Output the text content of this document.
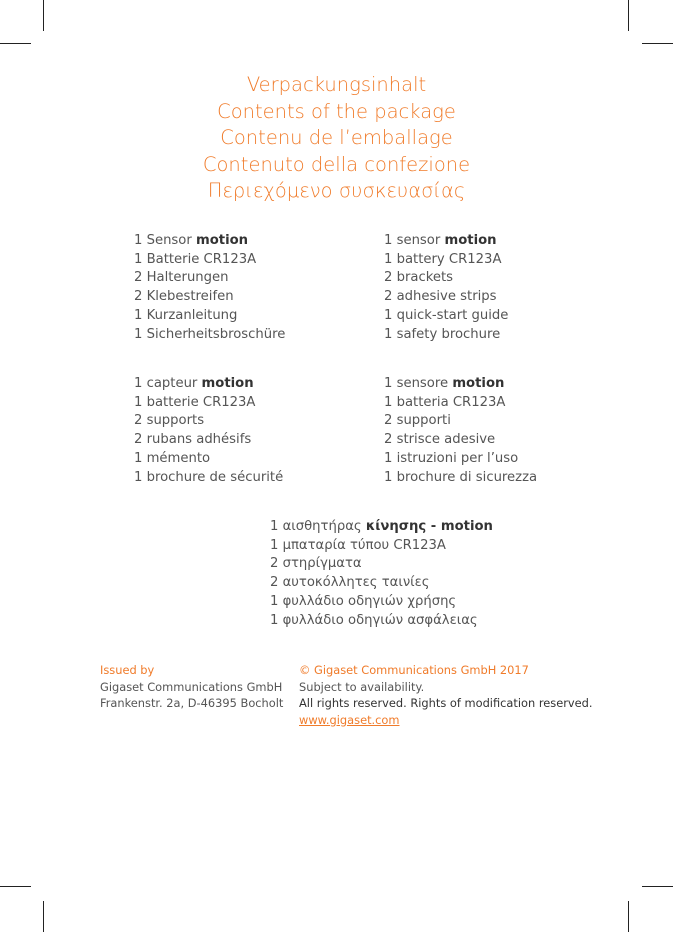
Verpackungsinhalt
Contents of the package
Contenu de l’emballage
Contenuto della confezione
Περιεχόμενο συσκευασίας
1 Sensor motion
1 Batterie CR123A
2 Halterungen
2 Klebestreifen
1 Kurzanleitung
1 Sicherheitsbroschüre
1 sensor motion
1 battery CR123A
2 brackets
2 adhesive strips
1 quick-start guide
1 safety brochure
1 capteur motion
1 batterie CR123A
2 supports
2 rubans adhésifs
1 mémento
1 brochure de sécurité
1 sensore motion
1 batteria CR123A
2 supporti
2 strisce adesive
1 istruzioni per l’uso
1 brochure di sicurezza
1 αισθητήρας κίνησης - motion
1 μπαταρία τύπου CR123A
2 στηρίγματα
2 αυτοκόλλητες ταινίες
1 φυλλάδιο οδηγιών χρήσης
1 φυλλάδιο οδηγιών ασφάλειας
Issued by
Gigaset Communications GmbH
Frankenstr. 2a, D-46395 Bocholt
© Gigaset Communications GmbH 2017
Subject to availability.
All rights reserved. Rights of modification reserved.
www.gigaset.com
